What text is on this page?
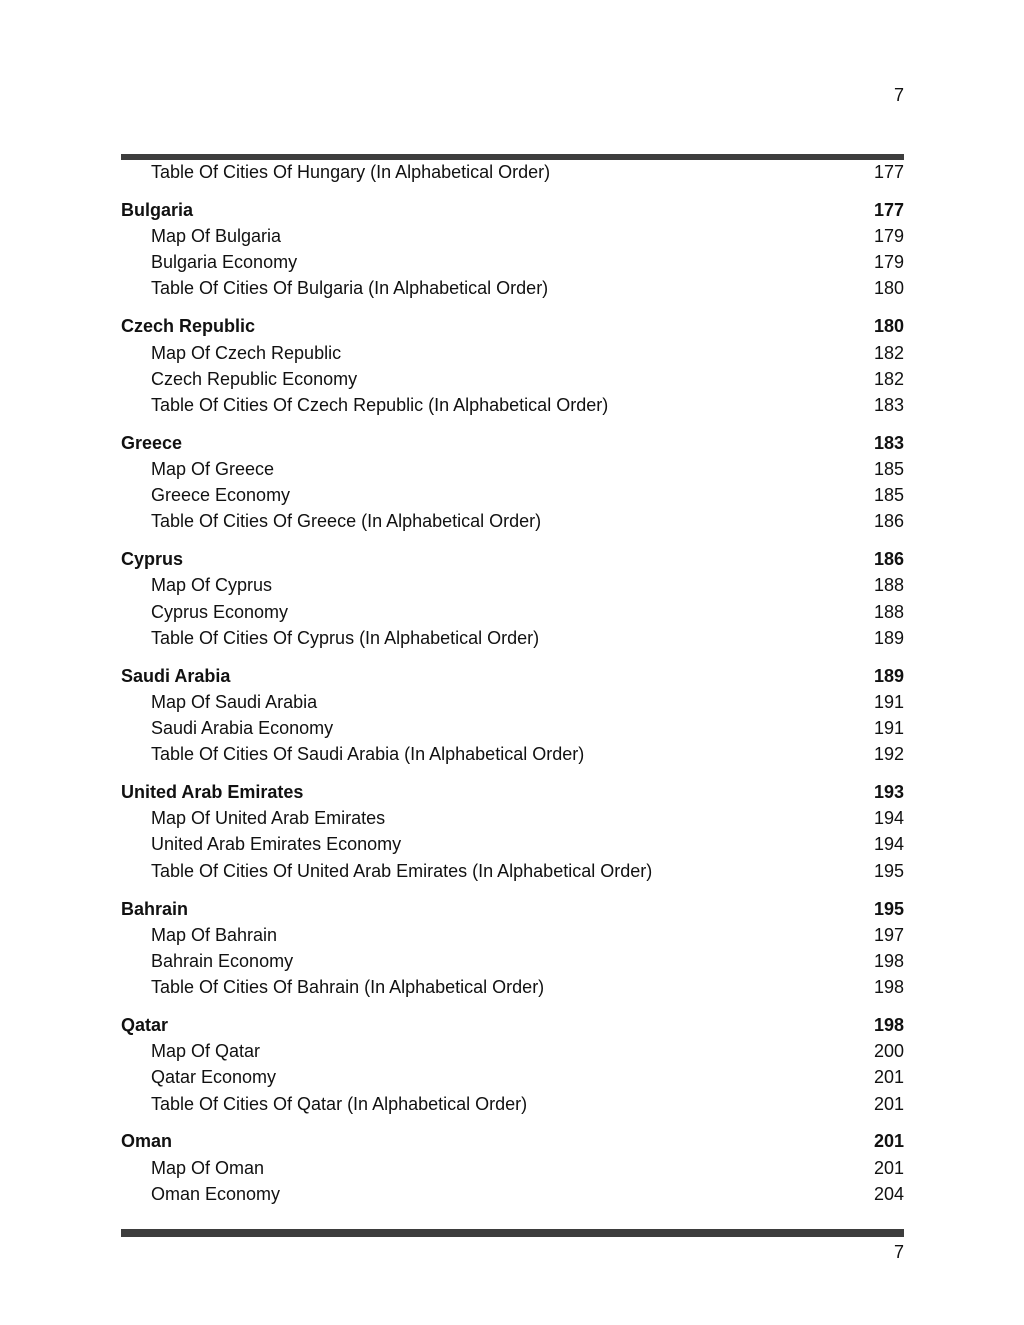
7
Table Of Cities Of Hungary (In Alphabetical Order)	177
Bulgaria	177
Map Of Bulgaria	179
Bulgaria Economy	179
Table Of Cities Of Bulgaria (In Alphabetical Order)	180
Czech Republic	180
Map Of Czech Republic	182
Czech Republic Economy	182
Table Of Cities Of Czech Republic (In Alphabetical Order)	183
Greece	183
Map Of Greece	185
Greece Economy	185
Table Of Cities Of Greece (In Alphabetical Order)	186
Cyprus	186
Map Of Cyprus	188
Cyprus Economy	188
Table Of Cities Of Cyprus (In Alphabetical Order)	189
Saudi Arabia	189
Map Of Saudi Arabia	191
Saudi Arabia Economy	191
Table Of Cities Of Saudi Arabia (In Alphabetical Order)	192
United Arab Emirates	193
Map Of United Arab Emirates	194
United Arab Emirates Economy	194
Table Of Cities Of United Arab Emirates (In Alphabetical Order)	195
Bahrain	195
Map Of Bahrain	197
Bahrain Economy	198
Table Of Cities Of Bahrain (In Alphabetical Order)	198
Qatar	198
Map Of Qatar	200
Qatar Economy	201
Table Of Cities Of Qatar (In Alphabetical Order)	201
Oman	201
Map Of Oman	201
Oman Economy	204
7
